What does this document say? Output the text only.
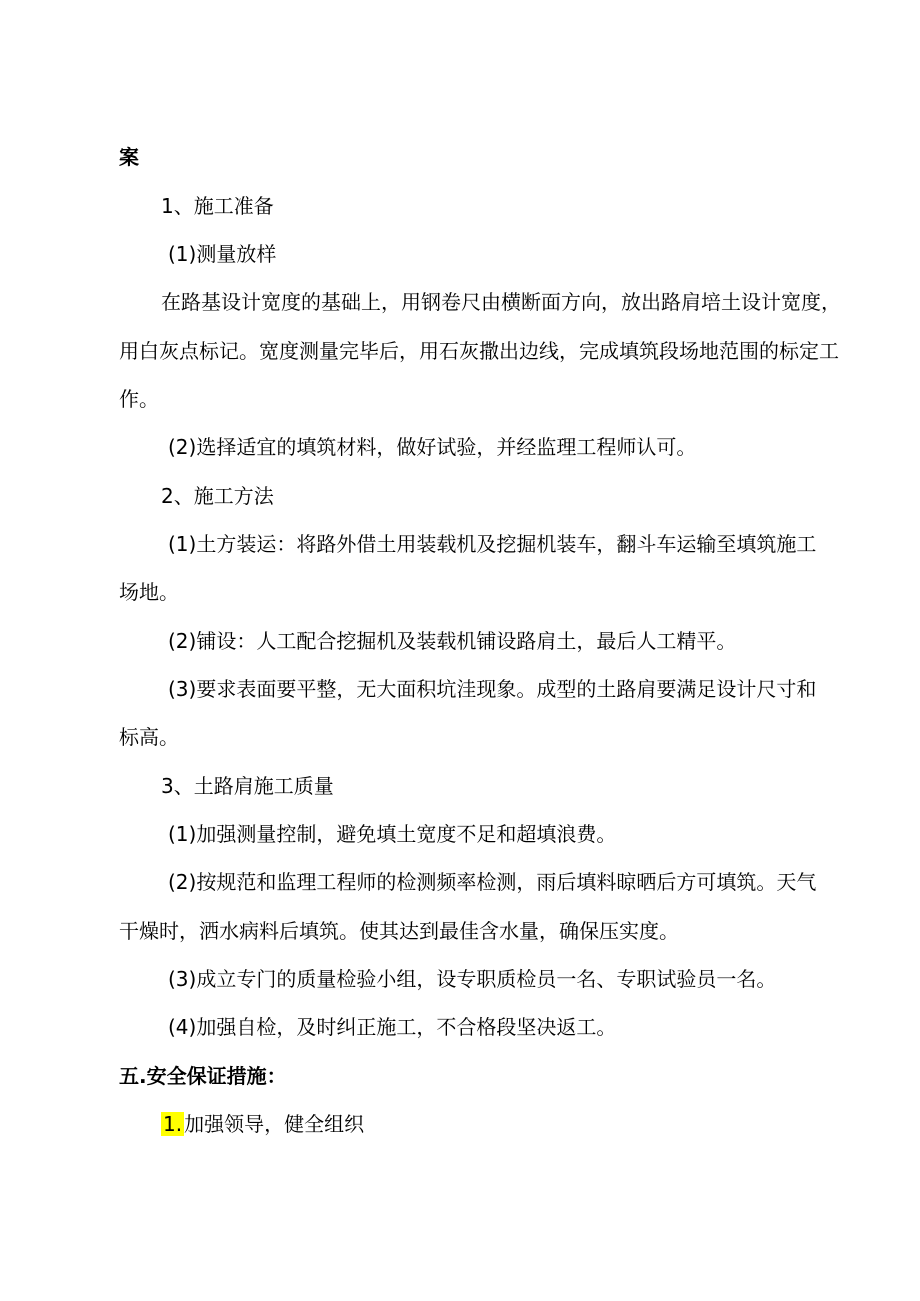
案
1、施工准备
(1)测量放样
在路基设计宽度的基础上，用钢卷尺由横断面方向，放出路肩培土设计宽度，
用白灰点标记。宽度测量完毕后，用石灰撒出边线，完成填筑段场地范围的标定工
作。
(2)选择适宜的填筑材料，做好试验，并经监理工程师认可。
2、施工方法
(1)土方装运：将路外借土用装载机及挖掘机装车，翻斗车运输至填筑施工
场地。
(2)铺设：人工配合挖掘机及装载机铺设路肩土，最后人工精平。
(3)要求表面要平整，无大面积坑洼现象。成型的土路肩要满足设计尺寸和
标高。
3、土路肩施工质量
(1)加强测量控制，避免填土宽度不足和超填浪费。
(2)按规范和监理工程师的检测频率检测，雨后填料晾晒后方可填筑。天气
干燥时，洒水病料后填筑。使其达到最佳含水量，确保压实度。
(3)成立专门的质量检验小组，设专职质检员一名、专职试验员一名。
(4)加强自检，及时纠正施工，不合格段坚决返工。
五.安全保证措施：
1. 加强领导，健全组织
